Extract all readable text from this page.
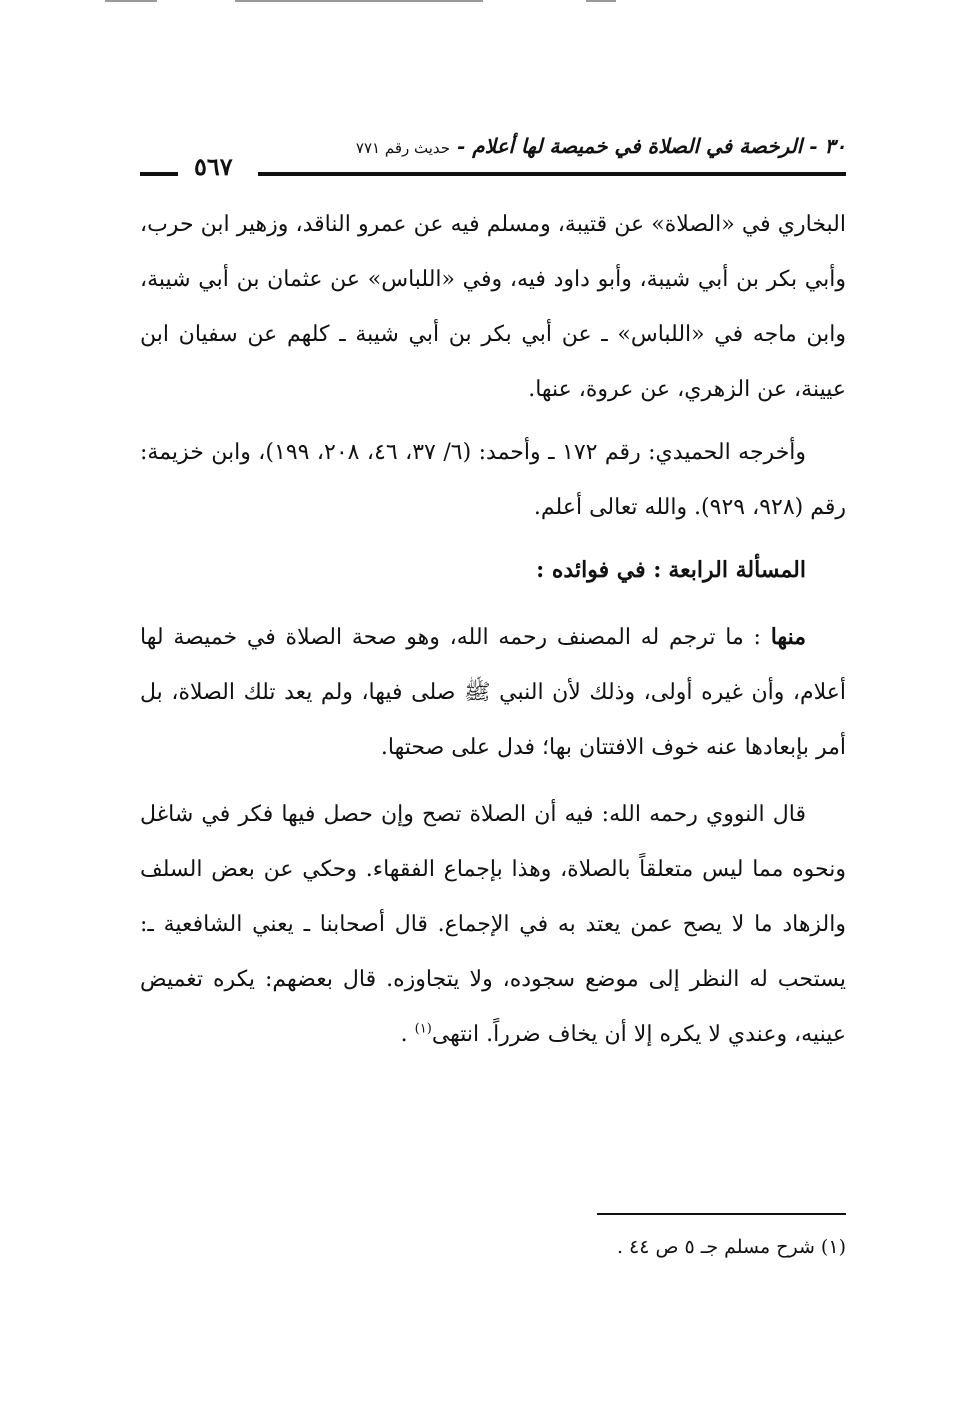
٣٠ - الرخصة في الصلاة في خميصة لها أعلام - حديث رقم ٧٧١
٥٦٧

البخاري في «الصلاة» عن قتيبة، ومسلم فيه عن عمرو الناقد، وزهير ابن حرب، وأبي بكر بن أبي شيبة، وأبو داود فيه، وفي «اللباس» عن عثمان بن أبي شيبة، وابن ماجه في «اللباس» ـ عن أبي بكر بن أبي شيبة ـ كلهم عن سفيان ابن عيينة، عن الزهري، عن عروة، عنها.

وأخرجه الحميدي: رقم ١٧٢ ـ وأحمد: (٦/ ٣٧، ٤٦، ٢٠٨، ١٩٩)، وابن خزيمة: رقم (٩٢٨، ٩٢٩). والله تعالى أعلم.

المسألة الرابعة : في فوائده :

منها : ما ترجم له المصنف رحمه الله، وهو صحة الصلاة في خميصة لها أعلام، وأن غيره أولى، وذلك لأن النبي ﷺ صلى فيها، ولم يعد تلك الصلاة، بل أمر بإبعادها عنه خوف الافتتان بها؛ فدل على صحتها.

قال النووي رحمه الله: فيه أن الصلاة تصح وإن حصل فيها فكر في شاغل ونحوه مما ليس متعلقاً بالصلاة، وهذا بإجماع الفقهاء. وحكي عن بعض السلف والزهاد ما لا يصح عمن يعتد به في الإجماع. قال أصحابنا ـ يعني الشافعية ـ: يستحب له النظر إلى موضع سجوده، ولا يتجاوزه. قال بعضهم: يكره تغميض عينيه، وعندي لا يكره إلا أن يخاف ضرراً. انتهى$^{(١)}$ .

(١) شرح مسلم جـ ٥ ص ٤٤ .
